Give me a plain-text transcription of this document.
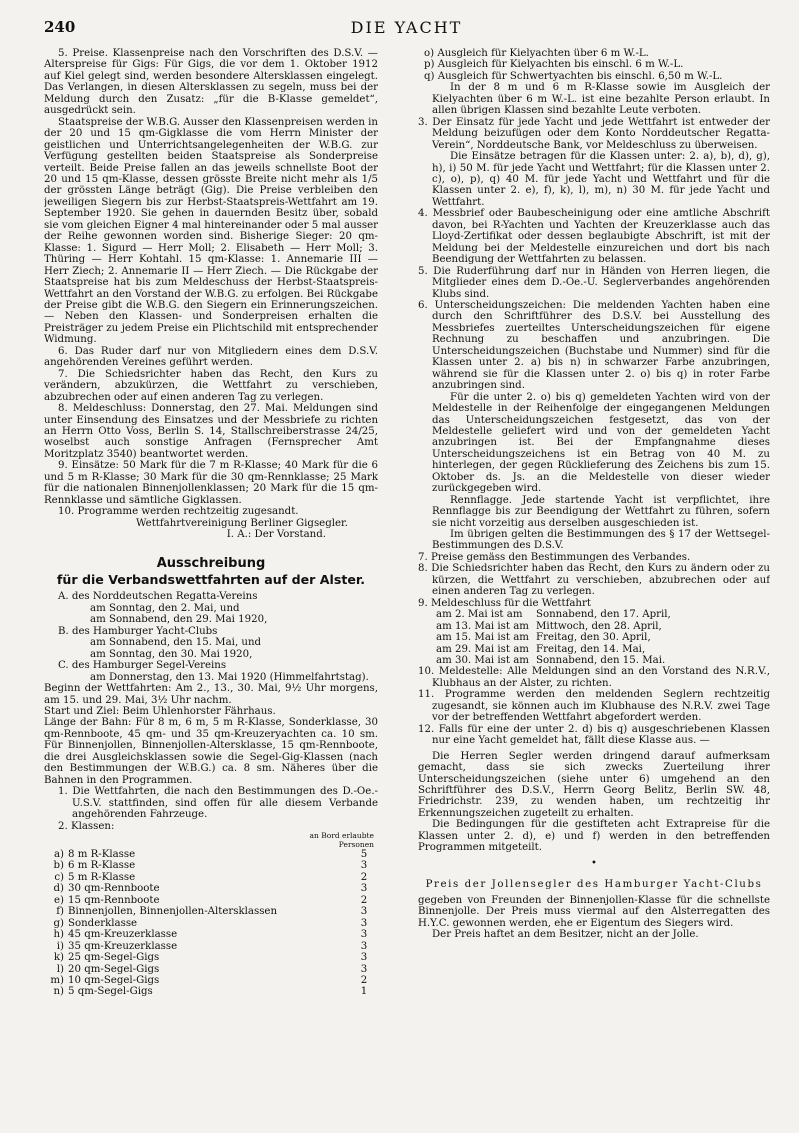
240	DIE YACHT

5. Preise. Klassenpreise nach den Vorschriften des D.S.V. — Alterspreise für Gigs: Für Gigs, die vor dem 1. Oktober 1912 auf Kiel gelegt sind, werden besondere Altersklassen eingelegt. Das Verlangen, in diesen Altersklassen zu segeln, muss bei der Meldung durch den Zusatz: „für die B-Klasse gemeldet“, ausgedrückt sein.

Staatspreise der W.B.G. Ausser den Klassenpreisen werden in der 20 und 15 qm-Gigklasse die vom Herrn Minister der geistlichen und Unterrichtsangelegenheiten der W.B.G. zur Verfügung gestellten beiden Staatspreise als Sonderpreise verteilt. Beide Preise fallen an das jeweils schnellste Boot der 20 und 15 qm-Klasse, dessen grösste Breite nicht mehr als 1/5 der grössten Länge beträgt (Gig). Die Preise verbleiben den jeweiligen Siegern bis zur Herbst-Staatspreis-Wettfahrt am 19. September 1920. Sie gehen in dauernden Besitz über, sobald sie vom gleichen Eigner 4 mal hintereinander oder 5 mal ausser der Reihe gewonnen worden sind. Bisherige Sieger: 20 qm-Klasse: 1. Sigurd — Herr Moll; 2. Elisabeth — Herr Moll; 3. Thüring — Herr Kohtahl. 15 qm-Klasse: 1. Annemarie III — Herr Ziech; 2. Annemarie II — Herr Ziech. — Die Rückgabe der Staatspreise hat bis zum Meldeschuss der Herbst-Staatspreis-Wettfahrt an den Vorstand der W.B.G. zu erfolgen. Bei Rückgabe der Preise gibt die W.B.G. den Siegern ein Erinnerungszeichen. — Neben den Klassen- und Sonderpreisen erhalten die Preisträger zu jedem Preise ein Plichtschild mit entsprechender Widmung.

6. Das Ruder darf nur von Mitgliedern eines dem D.S.V. angehörenden Vereines geführt werden.

7. Die Schiedsrichter haben das Recht, den Kurs zu verändern, abzukürzen, die Wettfahrt zu verschieben, abzubrechen oder auf einen anderen Tag zu verlegen.

8. Meldeschluss: Donnerstag, den 27. Mai. Meldungen sind unter Einsendung des Einsatzes und der Messbriefe zu richten an Herrn Otto Voss, Berlin S. 14, Stallschreiberstrasse 24/25, woselbst auch sonstige Anfragen (Fernsprecher Amt Moritzplatz 3540) beantwortet werden.

9. Einsätze: 50 Mark für die 7 m R-Klasse; 40 Mark für die 6 und 5 m R-Klasse; 30 Mark für die 30 qm-Rennklasse; 25 Mark für die nationalen Binnenjollenklassen; 20 Mark für die 15 qm-Rennklasse und sämtliche Gigklassen.

10. Programme werden rechtzeitig zugesandt.

Wettfahrtvereinigung Berliner Gigsegler.

I. A.: Der Vorstand.

Ausschreibung
für die Verbandswettfahrten auf der Alster.

A. des Norddeutschen Regatta-Vereins

am Sonntag, den 2. Mai, und

am Sonnabend, den 29. Mai 1920,

B. des Hamburger Yacht-Clubs

am Sonnabend, den 15. Mai, und

am Sonntag, den 30. Mai 1920,

C. des Hamburger Segel-Vereins

am Donnerstag, den 13. Mai 1920 (Himmelfahrtstag).

Beginn der Wettfahrten: Am 2., 13., 30. Mai, 9½ Uhr morgens, am 15. und 29. Mai, 3½ Uhr nachm.

Start und Ziel: Beim Uhlenhorster Fährhaus.

Länge der Bahn: Für 8 m, 6 m, 5 m R-Klasse, Sonderklasse, 30 qm-Rennboote, 45 qm- und 35 qm-Kreuzeryachten ca. 10 sm. Für Binnenjollen, Binnenjollen-Altersklasse, 15 qm-Rennboote, die drei Ausgleichsklassen sowie die Segel-Gig-Klassen (nach den Bestimmungen der W.B.G.) ca. 8 sm. Näheres über die Bahnen in den Programmen.

1. Die Wettfahrten, die nach den Bestimmungen des D.-Oe.-U.S.V. stattfinden, sind offen für alle diesem Verbande angehörenden Fahrzeuge.

2. Klassen:

an Bord erlaubte
Personen
a)	8 m R-Klasse	5
b)	6 m R-Klasse	3
c)	5 m R-Klasse	2
d)	30 qm-Rennboote	3
e)	15 qm-Rennboote	2
f)	Binnenjollen, Binnenjollen-Altersklassen	3
g)	Sonderklasse	3
h)	45 qm-Kreuzerklasse	3
i)	35 qm-Kreuzerklasse	3
k)	25 qm-Segel-Gigs	3
l)	20 qm-Segel-Gigs	3
m)	10 qm-Segel-Gigs	2
n)	5 qm-Segel-Gigs	1

o) Ausgleich für Kielyachten über 6 m W.-L.

p) Ausgleich für Kielyachten bis einschl. 6 m W.-L.

q) Ausgleich für Schwertyachten bis einschl. 6,50 m W.-L.

In der 8 m und 6 m R-Klasse sowie im Ausgleich der Kielyachten über 6 m W.-L. ist eine bezahlte Person erlaubt. In allen übrigen Klassen sind bezahlte Leute verboten.

3. Der Einsatz für jede Yacht und jede Wettfahrt ist entweder der Meldung beizufügen oder dem Konto Norddeutscher Regatta-Verein“, Norddeutsche Bank, vor Meldeschluss zu überweisen.

Die Einsätze betragen für die Klassen unter: 2. a), b), d), g), h), i) 50 M. für jede Yacht und Wettfahrt; für die Klassen unter 2. c), o), p), q) 40 M. für jede Yacht und Wettfahrt und für die Klassen unter 2. e), f), k), l), m), n) 30 M. für jede Yacht und Wettfahrt.

4. Messbrief oder Baubescheinigung oder eine amtliche Abschrift davon, bei R-Yachten und Yachten der Kreuzerklasse auch das Lloyd-Zertifikat oder dessen beglaubigte Abschrift, ist mit der Meldung bei der Meldestelle einzureichen und dort bis nach Beendigung der Wettfahrten zu belassen.

5. Die Ruderführung darf nur in Händen von Herren liegen, die Mitglieder eines dem D.-Oe.-U. Seglerverbandes angehörenden Klubs sind.

6. Unterscheidungszeichen: Die meldenden Yachten haben eine durch den Schriftführer des D.S.V. bei Ausstellung des Messbriefes zuerteiltes Unterscheidungszeichen für eigene Rechnung zu beschaffen und anzubringen. Die Unterscheidungszeichen (Buchstabe und Nummer) sind für die Klassen unter 2. a) bis n) in schwarzer Farbe anzubringen, während sie für die Klassen unter 2. o) bis q) in roter Farbe anzubringen sind.

Für die unter 2. o) bis q) gemeldeten Yachten wird von der Meldestelle in der Reihenfolge der eingegangenen Meldungen das Unterscheidungszeichen festgesetzt, das von der Meldestelle geliefert wird und von der gemeldeten Yacht anzubringen ist. Bei der Empfangnahme dieses Unterscheidungszeichens ist ein Betrag von 40 M. zu hinterlegen, der gegen Rücklieferung des Zeichens bis zum 15. Oktober ds. Js. an die Meldestelle von dieser wieder zurückgegeben wird.

Rennflagge. Jede startende Yacht ist verpflichtet, ihre Rennflagge bis zur Beendigung der Wettfahrt zu führen, sofern sie nicht vorzeitig aus derselben ausgeschieden ist.

Im übrigen gelten die Bestimmungen des § 17 der Wettsegel-Bestimmungen des D.S.V.

7. Preise gemäss den Bestimmungen des Verbandes.

8. Die Schiedsrichter haben das Recht, den Kurs zu ändern oder zu kürzen, die Wettfahrt zu verschieben, abzubrechen oder auf einen anderen Tag zu verlegen.

9. Meldeschluss für die Wettfahrt

am 2. Mai ist am	Sonnabend, den 17. April,
am 13. Mai ist am Mittwoch, den 28. April,
am 15. Mai ist am Freitag, den 30. April,
am 29. Mai ist am Freitag, den 14. Mai,
am 30. Mai ist am Sonnabend, den 15. Mai.

10. Meldestelle: Alle Meldungen sind an den Vorstand des N.R.V., Klubhaus an der Alster, zu richten.

11. Programme werden den meldenden Seglern rechtzeitig zugesandt, sie können auch im Klubhause des N.R.V. zwei Tage vor der betreffenden Wettfahrt abgefordert werden.

12. Falls für eine der unter 2. d) bis q) ausgeschriebenen Klassen nur eine Yacht gemeldet hat, fällt diese Klasse aus. —

Die Herren Segler werden dringend darauf aufmerksam gemacht, dass sie sich zwecks Zuerteilung ihrer Unterscheidungszeichen (siehe unter 6) umgehend an den Schriftführer des D.S.V., Herrn Georg Belitz, Berlin SW. 48, Friedrichstr. 239, zu wenden haben, um rechtzeitig ihr Erkennungszeichen zugeteilt zu erhalten.

Die Bedingungen für die gestifteten acht Extrapreise für die Klassen unter 2. d), e) und f) werden in den betreffenden Programmen mitgeteilt.

•

Preis der Jollensegler des Hamburger Yacht-Clubs

gegeben von Freunden der Binnenjollen-Klasse für die schnellste Binnenjolle. Der Preis muss viermal auf den Alsterregatten des H.Y.C. gewonnen werden, ehe er Eigentum des Siegers wird.

Der Preis haftet an dem Besitzer, nicht an der Jolle.
